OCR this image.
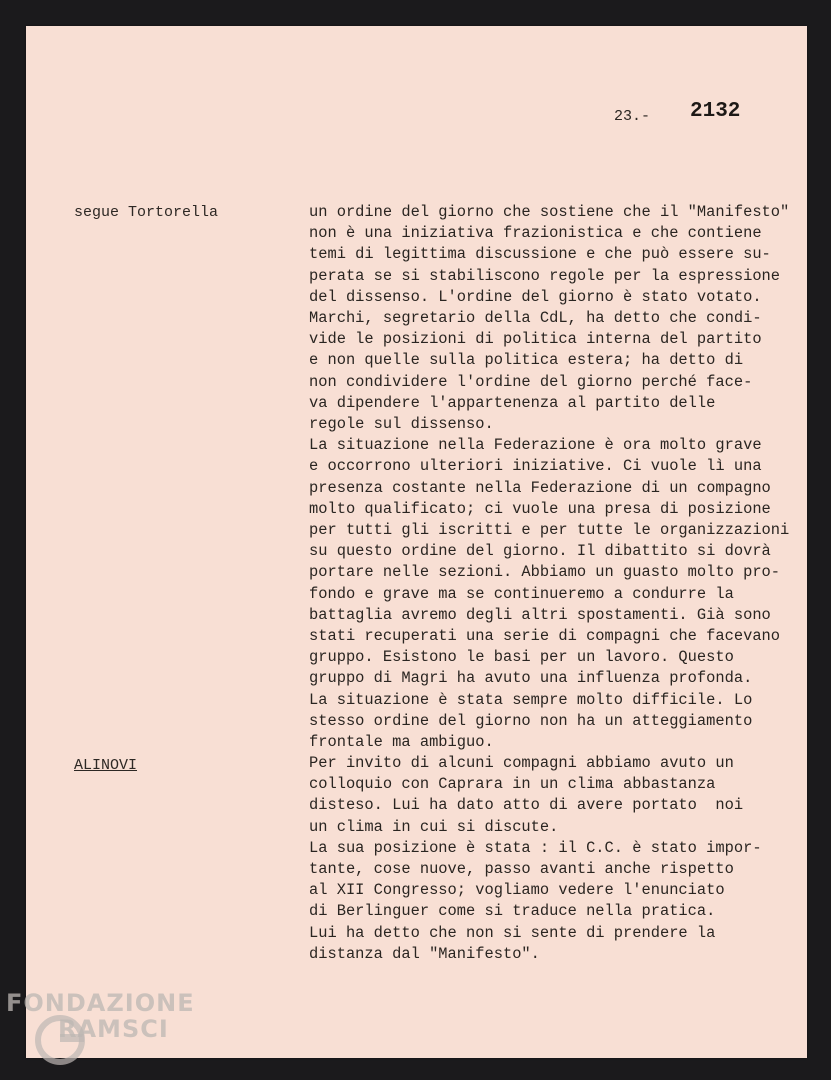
23.- 2132
segue Tortorella	un ordine del giorno che sostiene che il "Manifesto"
non è una iniziativa frazionistica e che contiene
temi di legittima discussione e che può essere su-
perata se si stabiliscono regole per la espressione
del dissenso. L'ordine del giorno è stato votato.
Marchi, segretario della CdL, ha detto che condi-
vide le posizioni di politica interna del partito
e non quelle sulla politica estera; ha detto di
non condividere l'ordine del giorno perché face-
va dipendere l'appartenenza al partito delle
regole sul dissenso.
La situazione nella Federazione è ora molto grave
e occorrono ulteriori iniziative. Ci vuole lì una
presenza costante nella Federazione di un compagno
molto qualificato; ci vuole una presa di posizione
per tutti gli iscritti e per tutte le organizzazioni
su questo ordine del giorno. Il dibattito si dovrà
portare nelle sezioni. Abbiamo un guasto molto pro-
fondo e grave ma se continueremo a condurre la
battaglia avremo degli altri spostamenti. Già sono
stati recuperati una serie di compagni che facevano
gruppo. Esistono le basi per un lavoro. Questo
gruppo di Magri ha avuto una influenza profonda.
La situazione è stata sempre molto difficile. Lo
stesso ordine del giorno non ha un atteggiamento
frontale ma ambiguo.
ALINOVI	Per invito di alcuni compagni abbiamo avuto un
colloquio con Caprara in un clima abbastanza
disteso. Lui ha dato atto di avere portato  noi
un clima in cui si discute.
La sua posizione è stata : il C.C. è stato impor-
tante, cose nuove, passo avanti anche rispetto
al XII Congresso; vogliamo vedere l'enunciato
di Berlinguer come si traduce nella pratica.
Lui ha detto che non si sente di prendere la
distanza dal "Manifesto".
FONDAZIONE
RAMSCI
